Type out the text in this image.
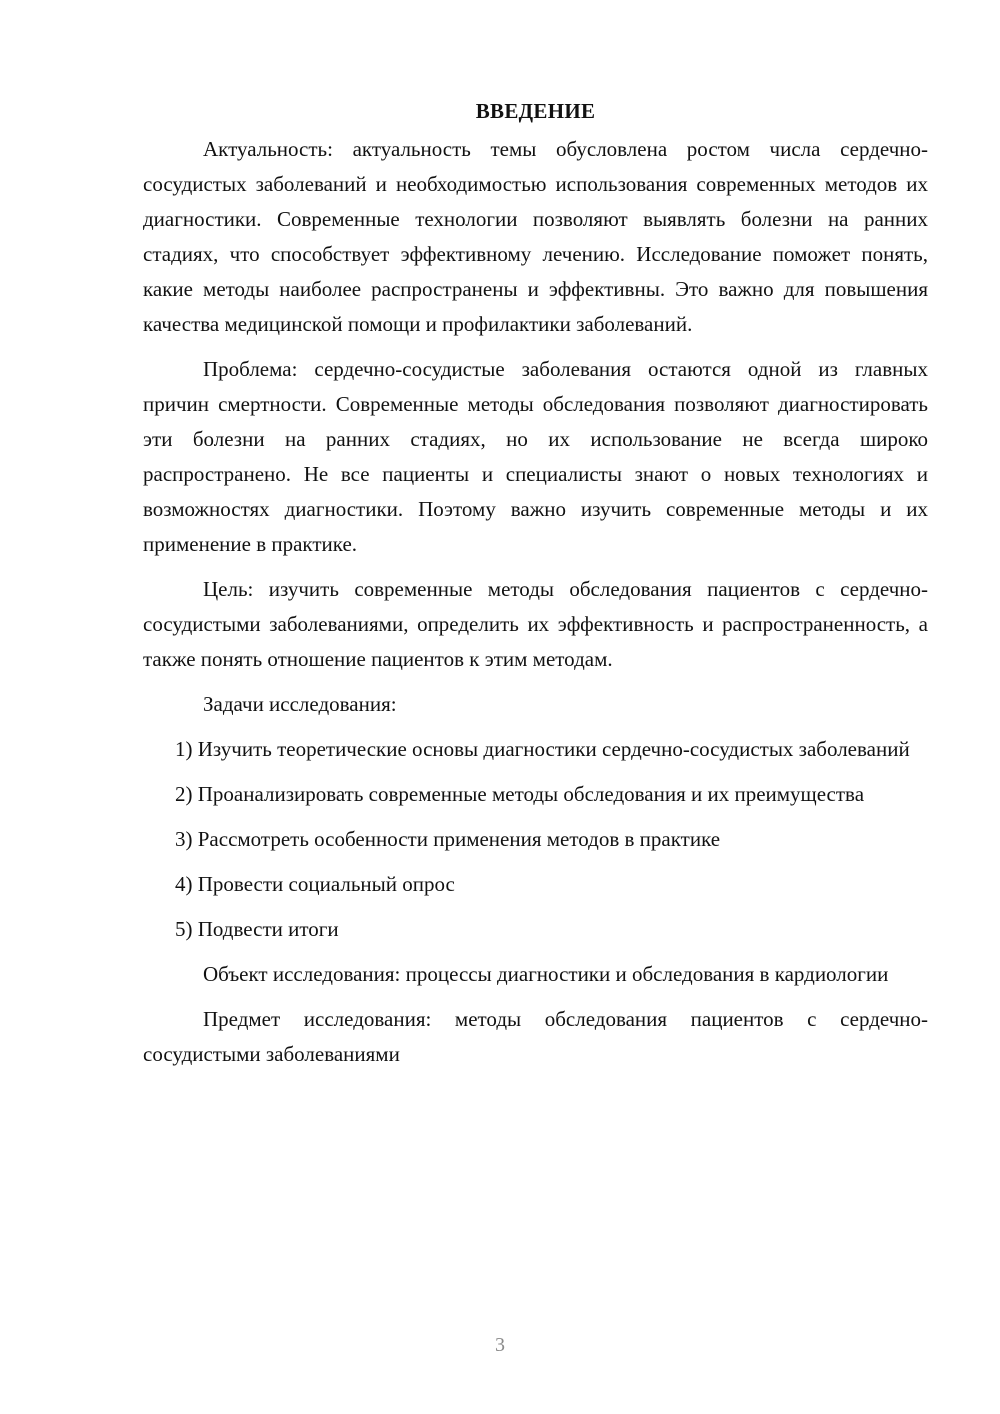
ВВЕДЕНИЕ

Актуальность: актуальность темы обусловлена ростом числа сердечно-сосудистых заболеваний и необходимостью использования современных методов их диагностики. Современные технологии позволяют выявлять болезни на ранних стадиях, что способствует эффективному лечению. Исследование поможет понять, какие методы наиболее распространены и эффективны. Это важно для повышения качества медицинской помощи и профилактики заболеваний.

Проблема: сердечно-сосудистые заболевания остаются одной из главных причин смертности. Современные методы обследования позволяют диагностировать эти болезни на ранних стадиях, но их использование не всегда широко распространено. Не все пациенты и специалисты знают о новых технологиях и возможностях диагностики. Поэтому важно изучить современные методы и их применение в практике.

Цель: изучить современные методы обследования пациентов с сердечно-сосудистыми заболеваниями, определить их эффективность и распространенность, а также понять отношение пациентов к этим методам.

Задачи исследования:

1) Изучить теоретические основы диагностики сердечно-сосудистых заболеваний

2) Проанализировать современные методы обследования и их преимущества

3) Рассмотреть особенности применения методов в практике

4) Провести социальный опрос

5) Подвести итоги

Объект исследования: процессы диагностики и обследования в кардиологии

Предмет исследования: методы обследования пациентов с сердечно-сосудистыми заболеваниями

3
